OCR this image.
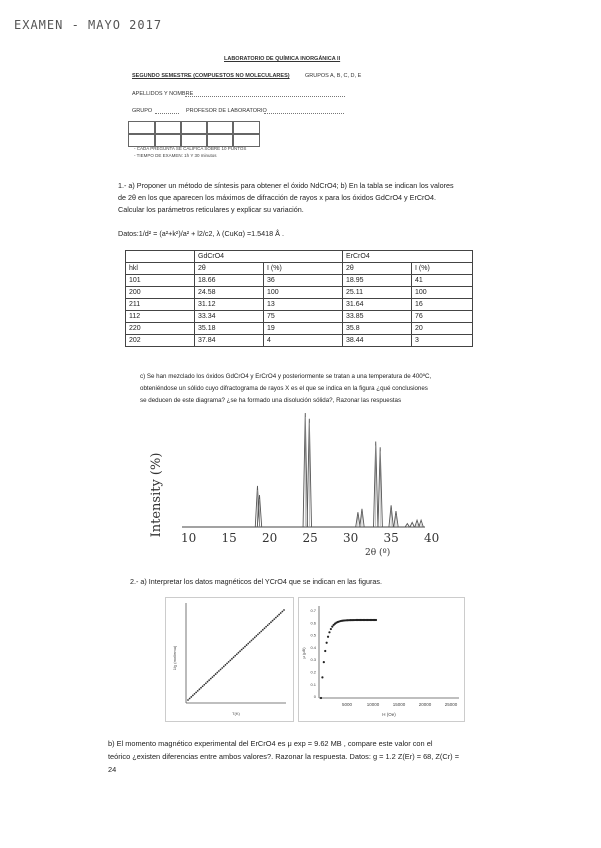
EXAMEN - MAYO 2017
LABORATORIO DE QUÍMICA INORGÁNICA II
SEGUNDO SEMESTRE (COMPUESTOS NO MOLECULARES)	GRUPOS A, B, C, D, E
APELLIDOS Y NOMBRE
GRUPO	PROFESOR DE LABORATORIO
- CADA PREGUNTA SE CALIFICA SOBRE 10 PUNTOS
- TIEMPO DE EXAMEN: 1h Y 30 minutos
1.- a) Proponer un método de síntesis para obtener el óxido NdCrO4; b) En la tabla se indican los valores
de 2θ en los que aparecen los máximos de difracción de rayos x para los óxidos GdCrO4 y ErCrO4.
Calcular los parámetros reticulares y explicar su variación.
Datos:1/d² = (a²+k²)/a² + l2/c2, λ (CuKα) =1.5418 Å .
	GdCrO4		ErCrO4	
hkl	2θ	I (%)	2θ	I (%)
101	18.66	36	18.95	41
200	24.58	100	25.11	100
211	31.12	13	31.64	16
112	33.34	75	33.85	76
220	35.18	19	35.8	20
202	37.84	4	38.44	3
c) Se han mezclado los óxidos GdCrO4 y ErCrO4 y posteriormente se tratan a una temperatura de 400ºC,
obteniéndose un sólido cuyo difractograma de rayos X es el que se indica en la figura ¿qué conclusiones
se deducen de este diagrama? ¿se ha formado una disolución sólida?, Razonar las respuestas
Intensity (%)
10 15 20 25 30 35 40
2θ (º)
2.- a) Interpretar los datos magnéticos del YCrO4 que se indican en las figuras.
1/χ (mol/emu)
T(K)
5000	10000	15000	20000	25000
0.7
0.6
0.5
0.4
0.3
0.2
0.1
0
μ (μB)
H (Oe)
b) El momento magnético experimental del ErCrO4 es μ exp = 9.62 MB , compare este valor con el
teórico ¿existen diferencias entre ambos valores?. Razonar la respuesta. Datos: g = 1.2 Z(Er) = 68, Z(Cr) =
24
